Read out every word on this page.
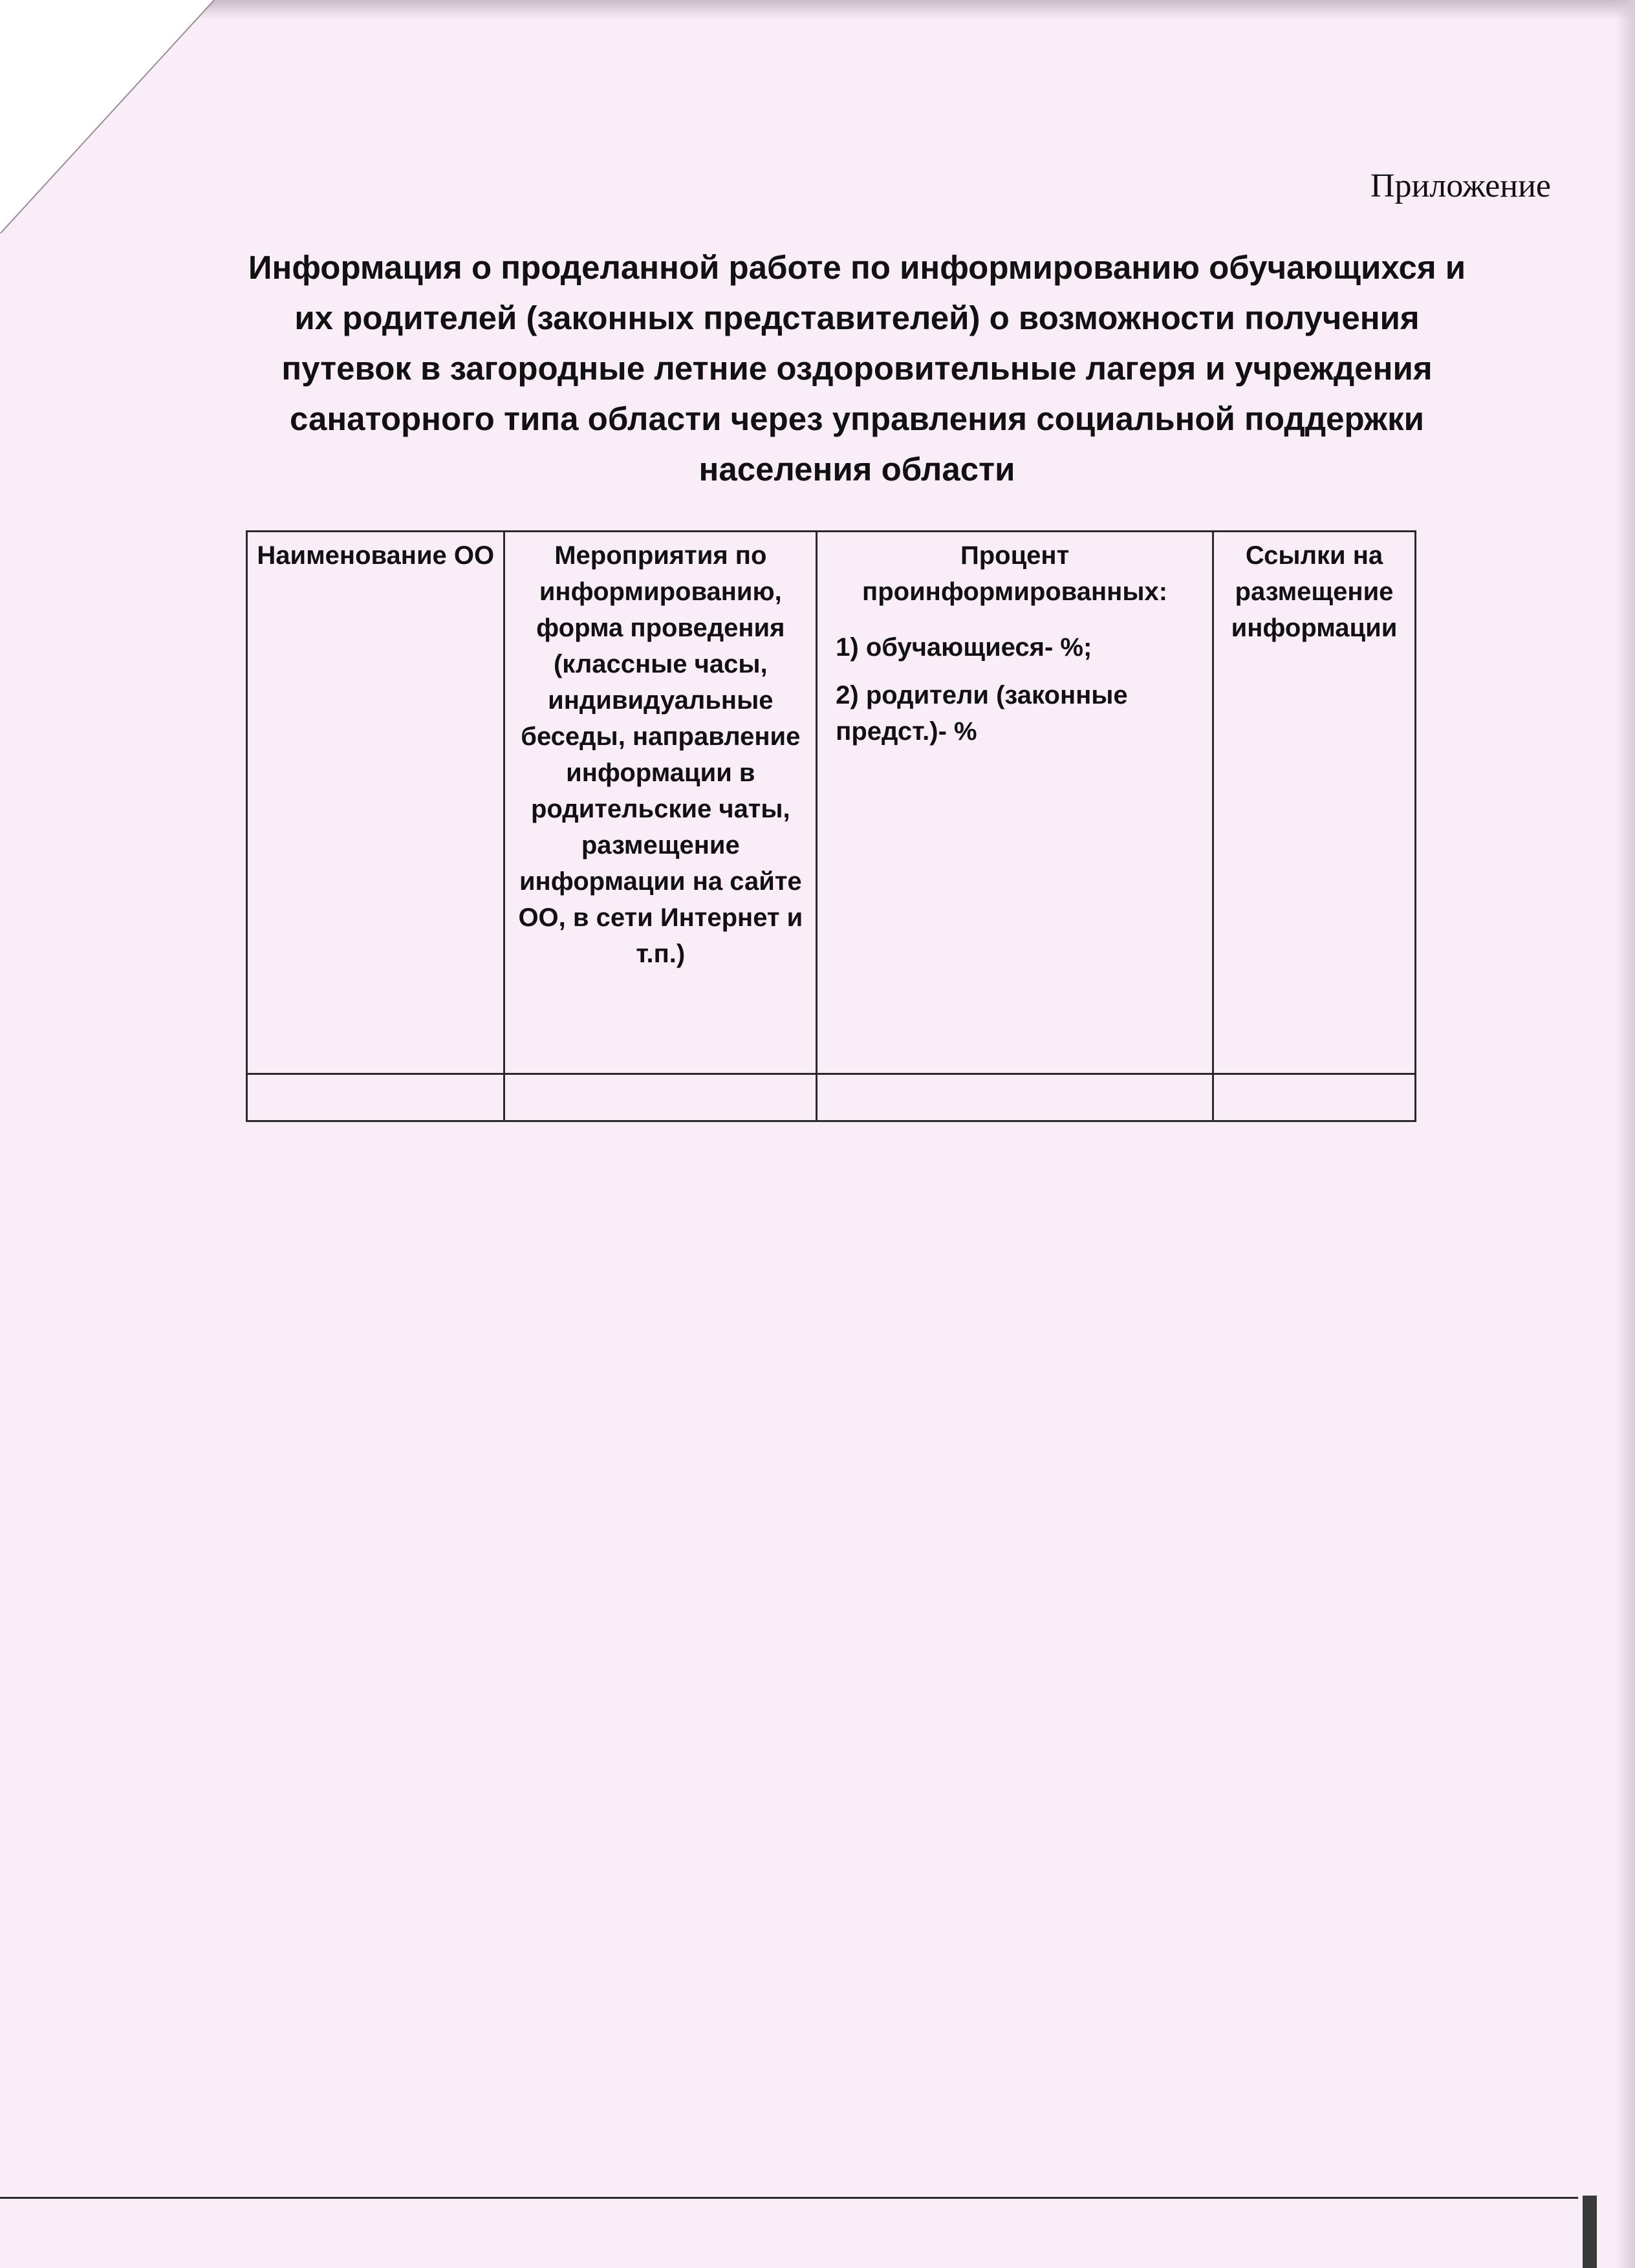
Приложение

Информация о проделанной работе по информированию обучающихся и их родителей (законных представителей) о возможности получения путевок в загородные летние оздоровительные лагеря и учреждения санаторного типа области через управления социальной поддержки населения области
Наименование ОО	Мероприятия по информированию, форма проведения (классные часы, индивидуальные беседы, направление информации в родительские чаты, размещение информации на сайте ОО, в сети Интернет и т.п.)	Процент проинформированных:
1) обучающиеся- %;
2) родители (законные предст.)- %	Ссылки на размещение информации
